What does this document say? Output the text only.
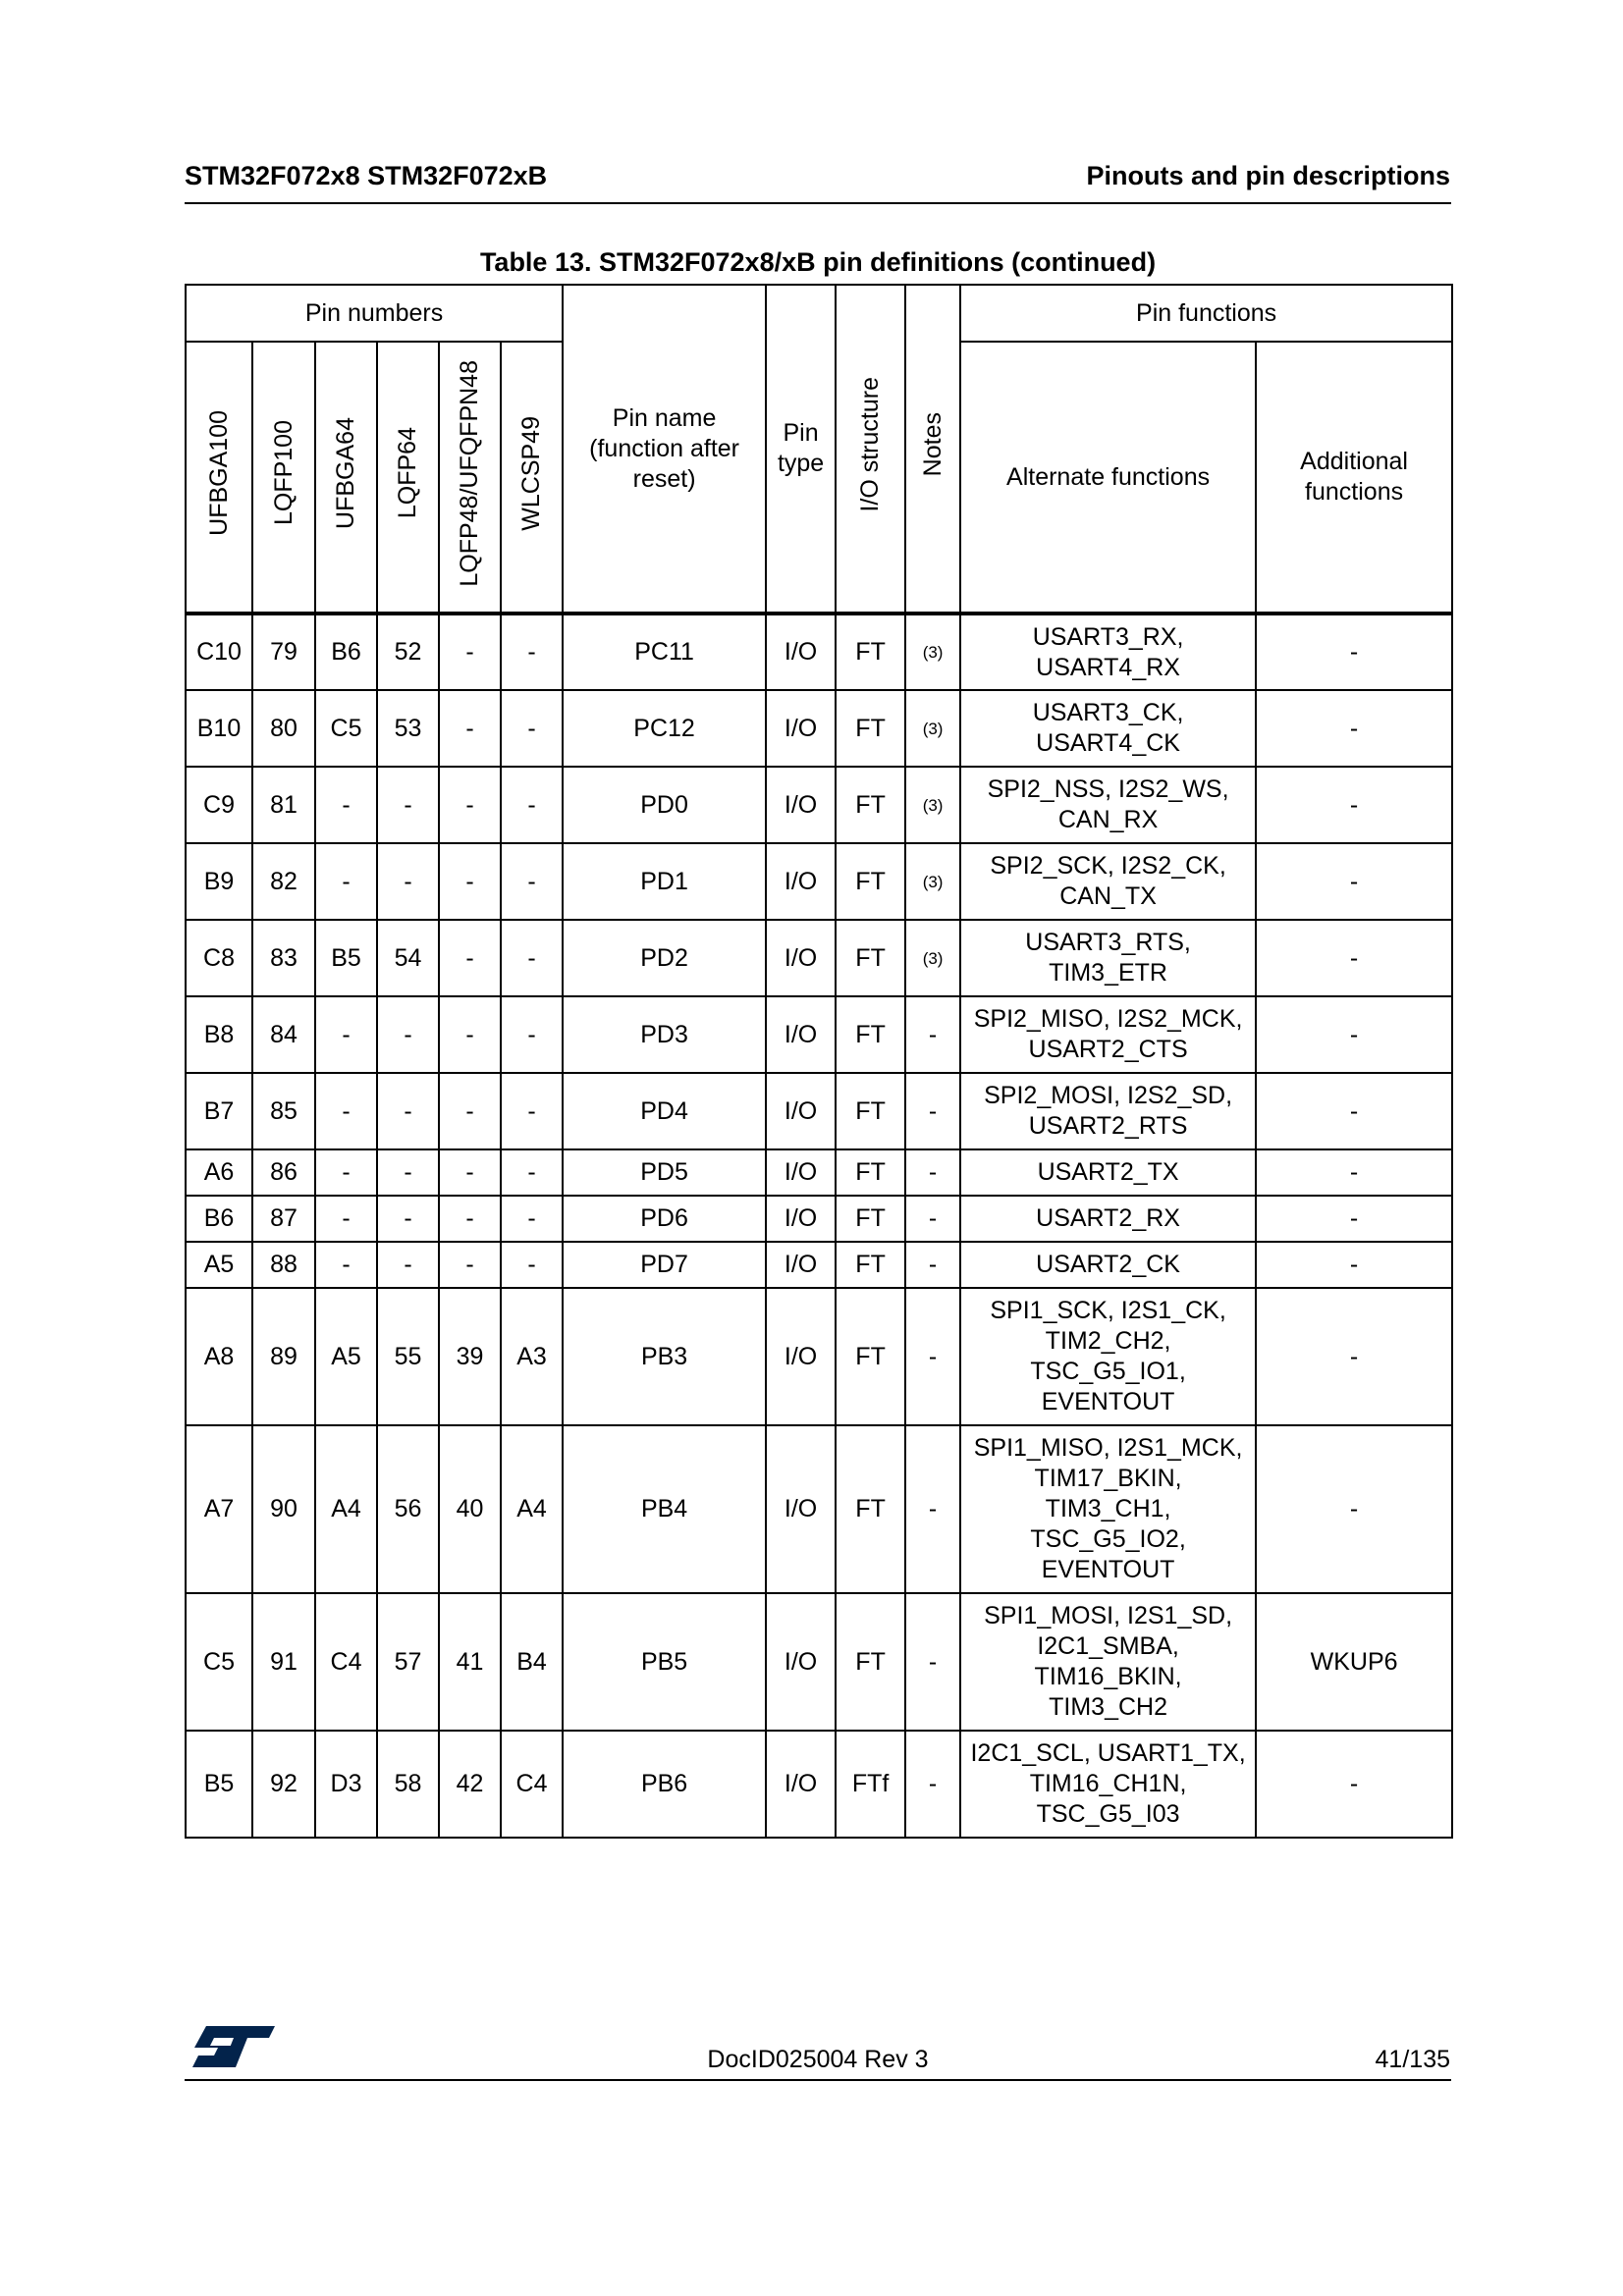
STM32F072x8 STM32F072xB	Pinouts and pin descriptions
Table 13. STM32F072x8/xB pin definitions (continued)
Pin numbers						Pin name (function after reset)	Pin type	I/O structure	Notes	Pin functions	
UFBGA100	LQFP100	UFBGA64	LQFP64	LQFP48/UFQFPN48	WLCSP49					Alternate functions	Additional functions
C10	79	B6	52	-	-	PC11	I/O	FT	(3)	USART3_RX,
USART4_RX	-
B10	80	C5	53	-	-	PC12	I/O	FT	(3)	USART3_CK,
USART4_CK	-
C9	81	-	-	-	-	PD0	I/O	FT	(3)	SPI2_NSS, I2S2_WS,
CAN_RX	-
B9	82	-	-	-	-	PD1	I/O	FT	(3)	SPI2_SCK, I2S2_CK,
CAN_TX	-
C8	83	B5	54	-	-	PD2	I/O	FT	(3)	USART3_RTS,
TIM3_ETR	-
B8	84	-	-	-	-	PD3	I/O	FT	-	SPI2_MISO, I2S2_MCK,
USART2_CTS	-
B7	85	-	-	-	-	PD4	I/O	FT	-	SPI2_MOSI, I2S2_SD,
USART2_RTS	-
A6	86	-	-	-	-	PD5	I/O	FT	-	USART2_TX	-
B6	87	-	-	-	-	PD6	I/O	FT	-	USART2_RX	-
A5	88	-	-	-	-	PD7	I/O	FT	-	USART2_CK	-
A8	89	A5	55	39	A3	PB3	I/O	FT	-	SPI1_SCK, I2S1_CK,
TIM2_CH2,
TSC_G5_IO1,
EVENTOUT	-
A7	90	A4	56	40	A4	PB4	I/O	FT	-	SPI1_MISO, I2S1_MCK,
TIM17_BKIN,
TIM3_CH1,
TSC_G5_IO2,
EVENTOUT	-
C5	91	C4	57	41	B4	PB5	I/O	FT	-	SPI1_MOSI, I2S1_SD,
I2C1_SMBA,
TIM16_BKIN,
TIM3_CH2	WKUP6
B5	92	D3	58	42	C4	PB6	I/O	FTf	-	I2C1_SCL, USART1_TX,
TIM16_CH1N,
TSC_G5_I03	-
DocID025004 Rev 3	41/135
